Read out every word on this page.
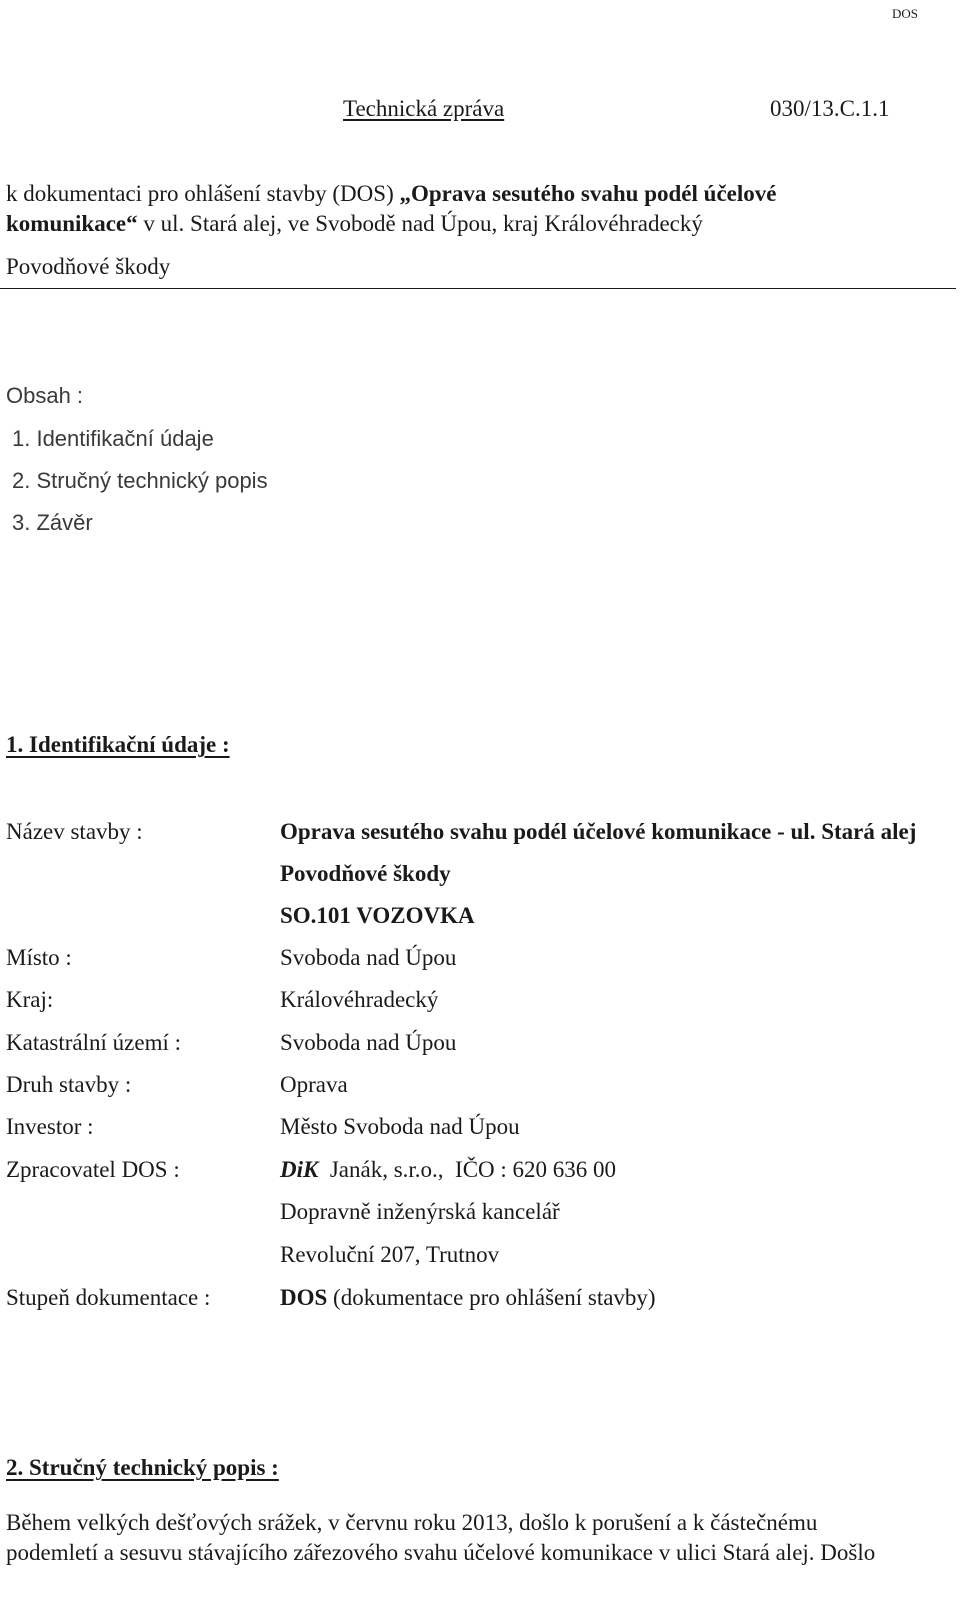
DOS
Technická zpráva	030/13.C.1.1
k dokumentaci pro ohlášení stavby (DOS) „Oprava sesutého svahu podél účelové
komunikace“ v ul. Stará alej, ve Svobodě nad Úpou, kraj Královéhradecký
Povodňové škody
Obsah :
1. Identifikační údaje
2. Stručný technický popis
3. Závěr
1. Identifikační údaje :
Název stavby :	Oprava sesutého svahu podél účelové komunikace - ul. Stará alej
Povodňové škody
SO.101 VOZOVKA
Místo :	Svoboda nad Úpou
Kraj:	Královéhradecký
Katastrální území :	Svoboda nad Úpou
Druh stavby :	Oprava
Investor :	Město Svoboda nad Úpou
Zpracovatel DOS :	DiK  Janák, s.r.o.,  IČO : 620 636 00
Dopravně inženýrská kancelář
Revoluční 207, Trutnov
Stupeň dokumentace :	DOS (dokumentace pro ohlášení stavby)
2. Stručný technický popis :
Během velkých dešťových srážek, v červnu roku 2013, došlo k porušení a k částečnému
podemletí a sesuvu stávajícího zářezového svahu účelové komunikace v ulici Stará alej. Došlo
